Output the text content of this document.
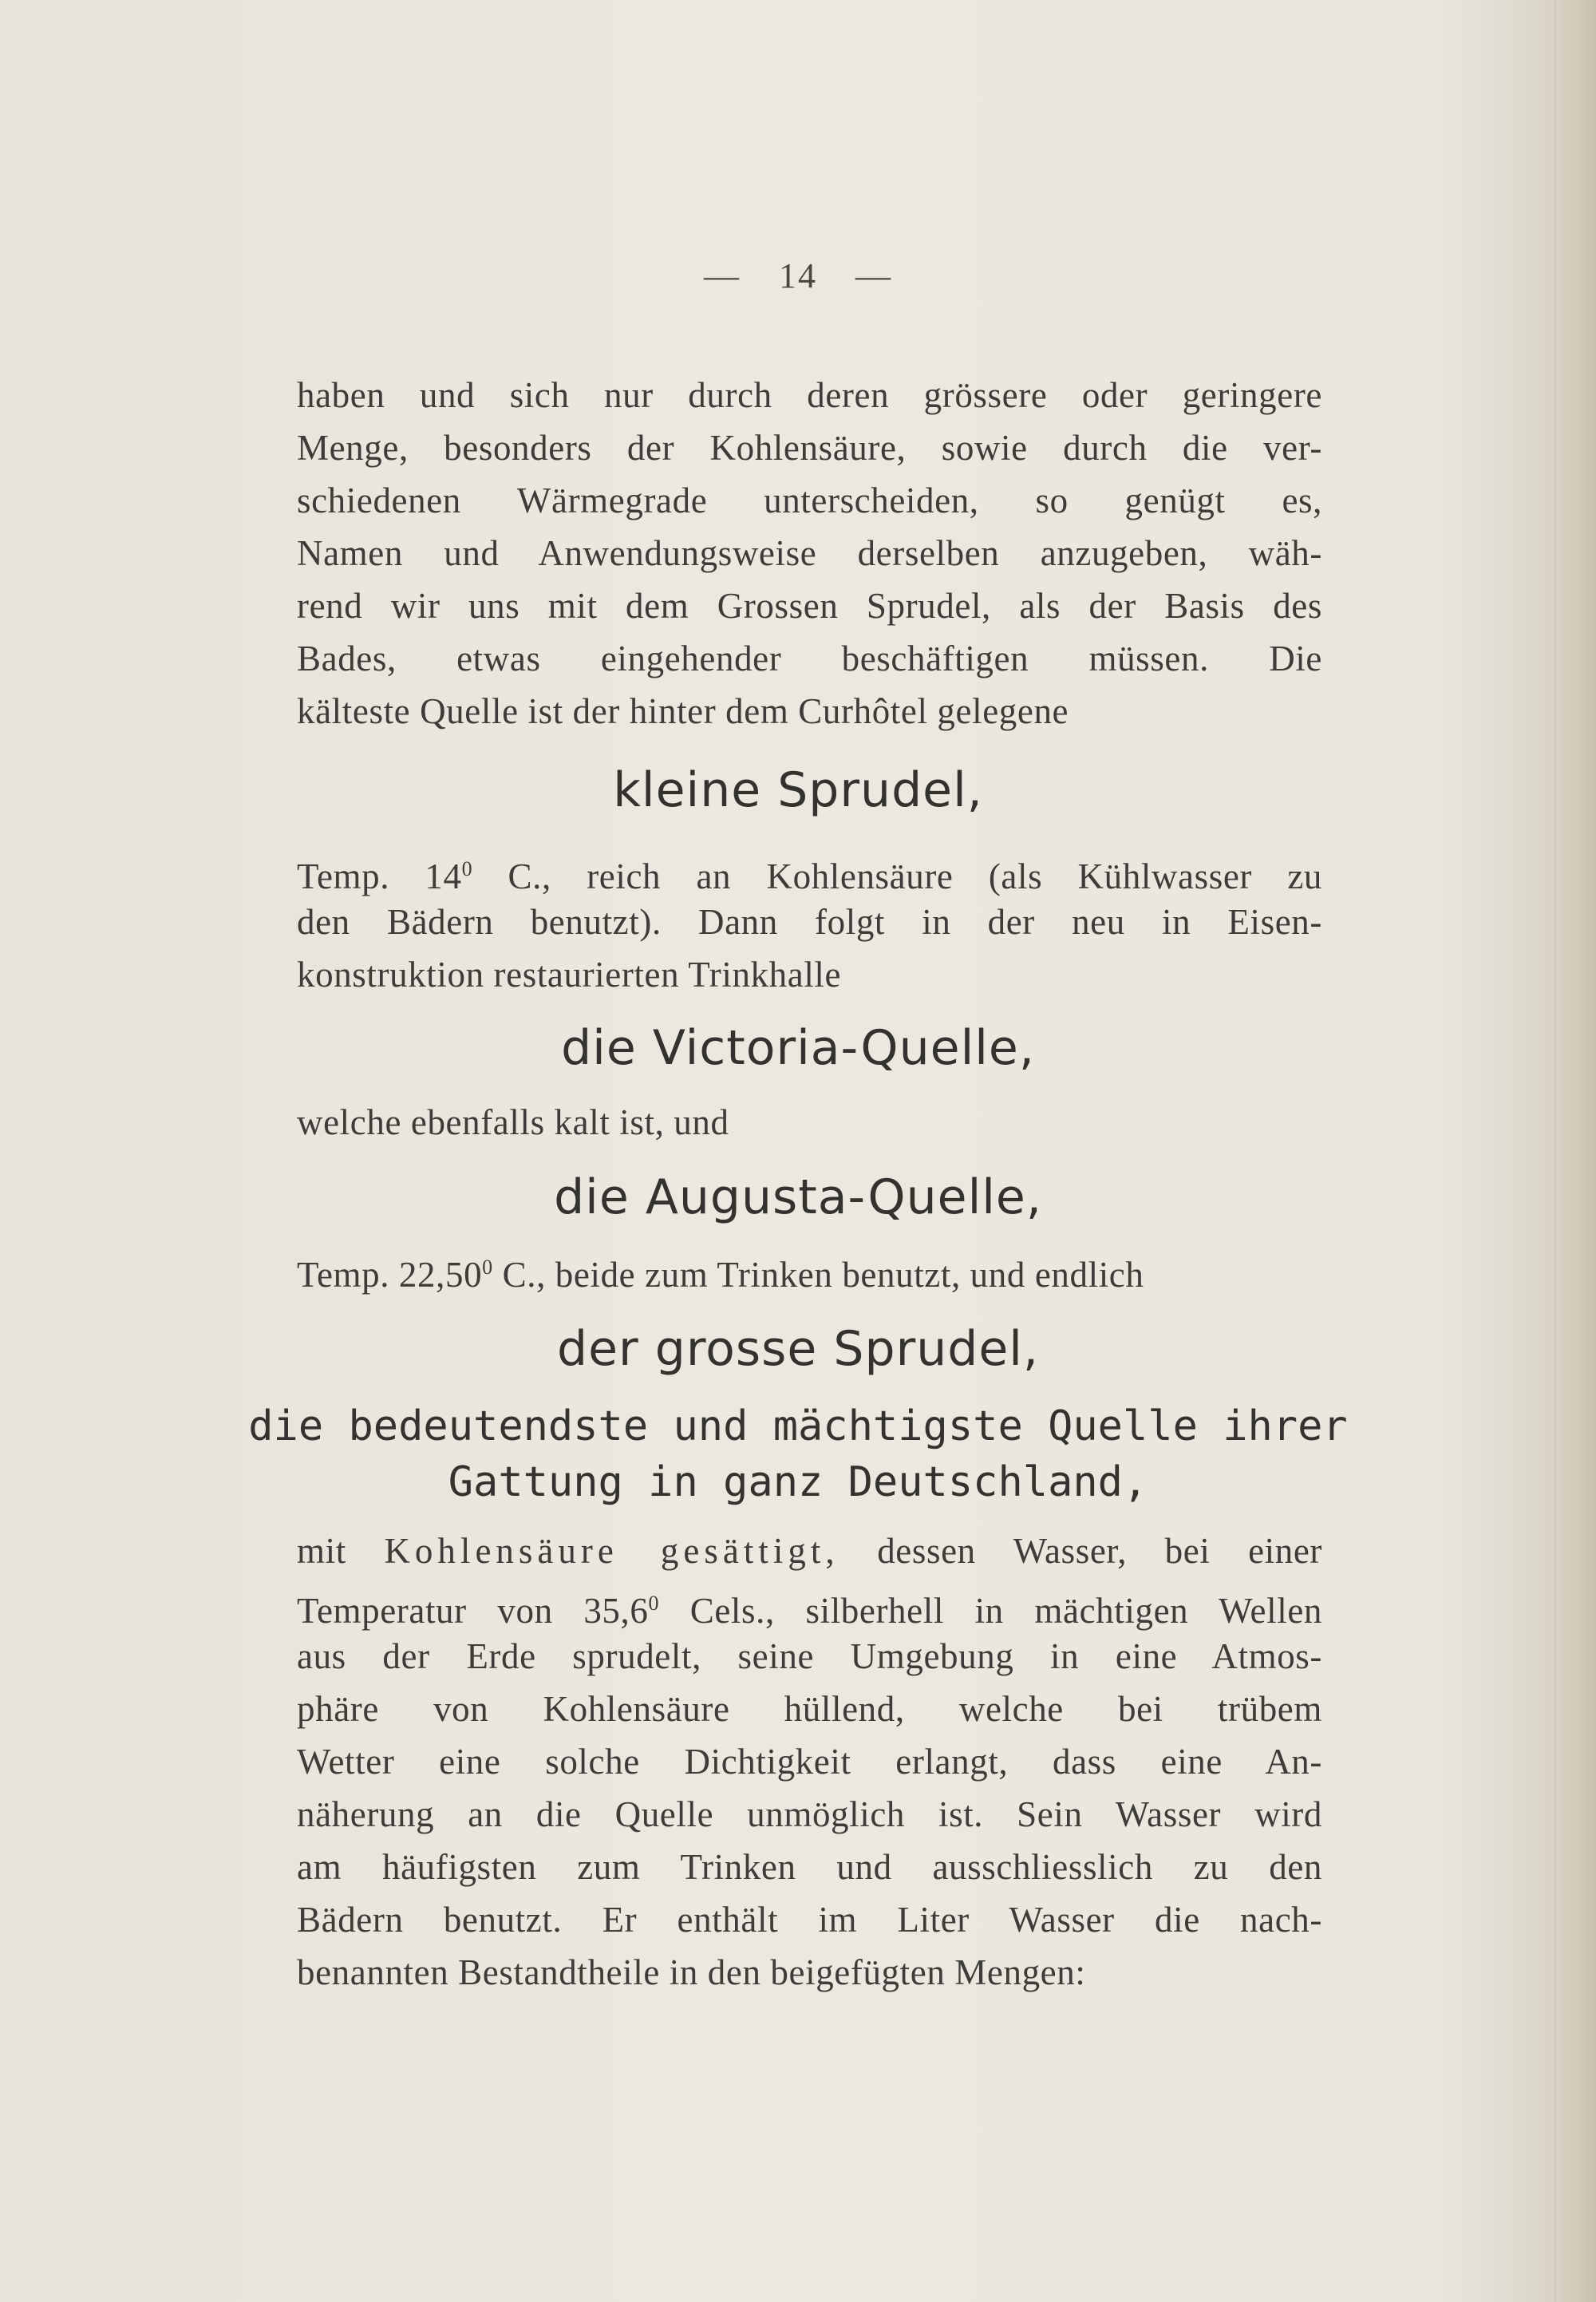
— 14 —
haben und sich nur durch deren grössere oder geringere
Menge, besonders der Kohlensäure, sowie durch die ver-
schiedenen Wärmegrade unterscheiden, so genügt es,
Namen und Anwendungsweise derselben anzugeben, wäh-
rend wir uns mit dem Grossen Sprudel, als der Basis des
Bades, etwas eingehender beschäftigen müssen. Die
kälteste Quelle ist der hinter dem Curhôtel gelegene
kleine Sprudel,
Temp. $14^0$ C., reich an Kohlensäure (als Kühlwasser zu
den Bädern benutzt). Dann folgt in der neu in Eisen-
konstruktion restaurierten Trinkhalle
die Victoria-Quelle,
welche ebenfalls kalt ist, und
die Augusta-Quelle,
Temp. 22,50$^0$ C., beide zum Trinken benutzt, und endlich
der grosse Sprudel,
die bedeutendste und mächtigste Quelle ihrer
Gattung in ganz Deutschland,
mit Kohlensäure gesättigt, dessen Wasser, bei einer
Temperatur von 35,6$^0$ Cels., silberhell in mächtigen Wellen
aus der Erde sprudelt, seine Umgebung in eine Atmos-
phäre von Kohlensäure hüllend, welche bei trübem
Wetter eine solche Dichtigkeit erlangt, dass eine An-
näherung an die Quelle unmöglich ist. Sein Wasser wird
am häufigsten zum Trinken und ausschliesslich zu den
Bädern benutzt. Er enthält im Liter Wasser die nach-
benannten Bestandtheile in den beigefügten Mengen:
